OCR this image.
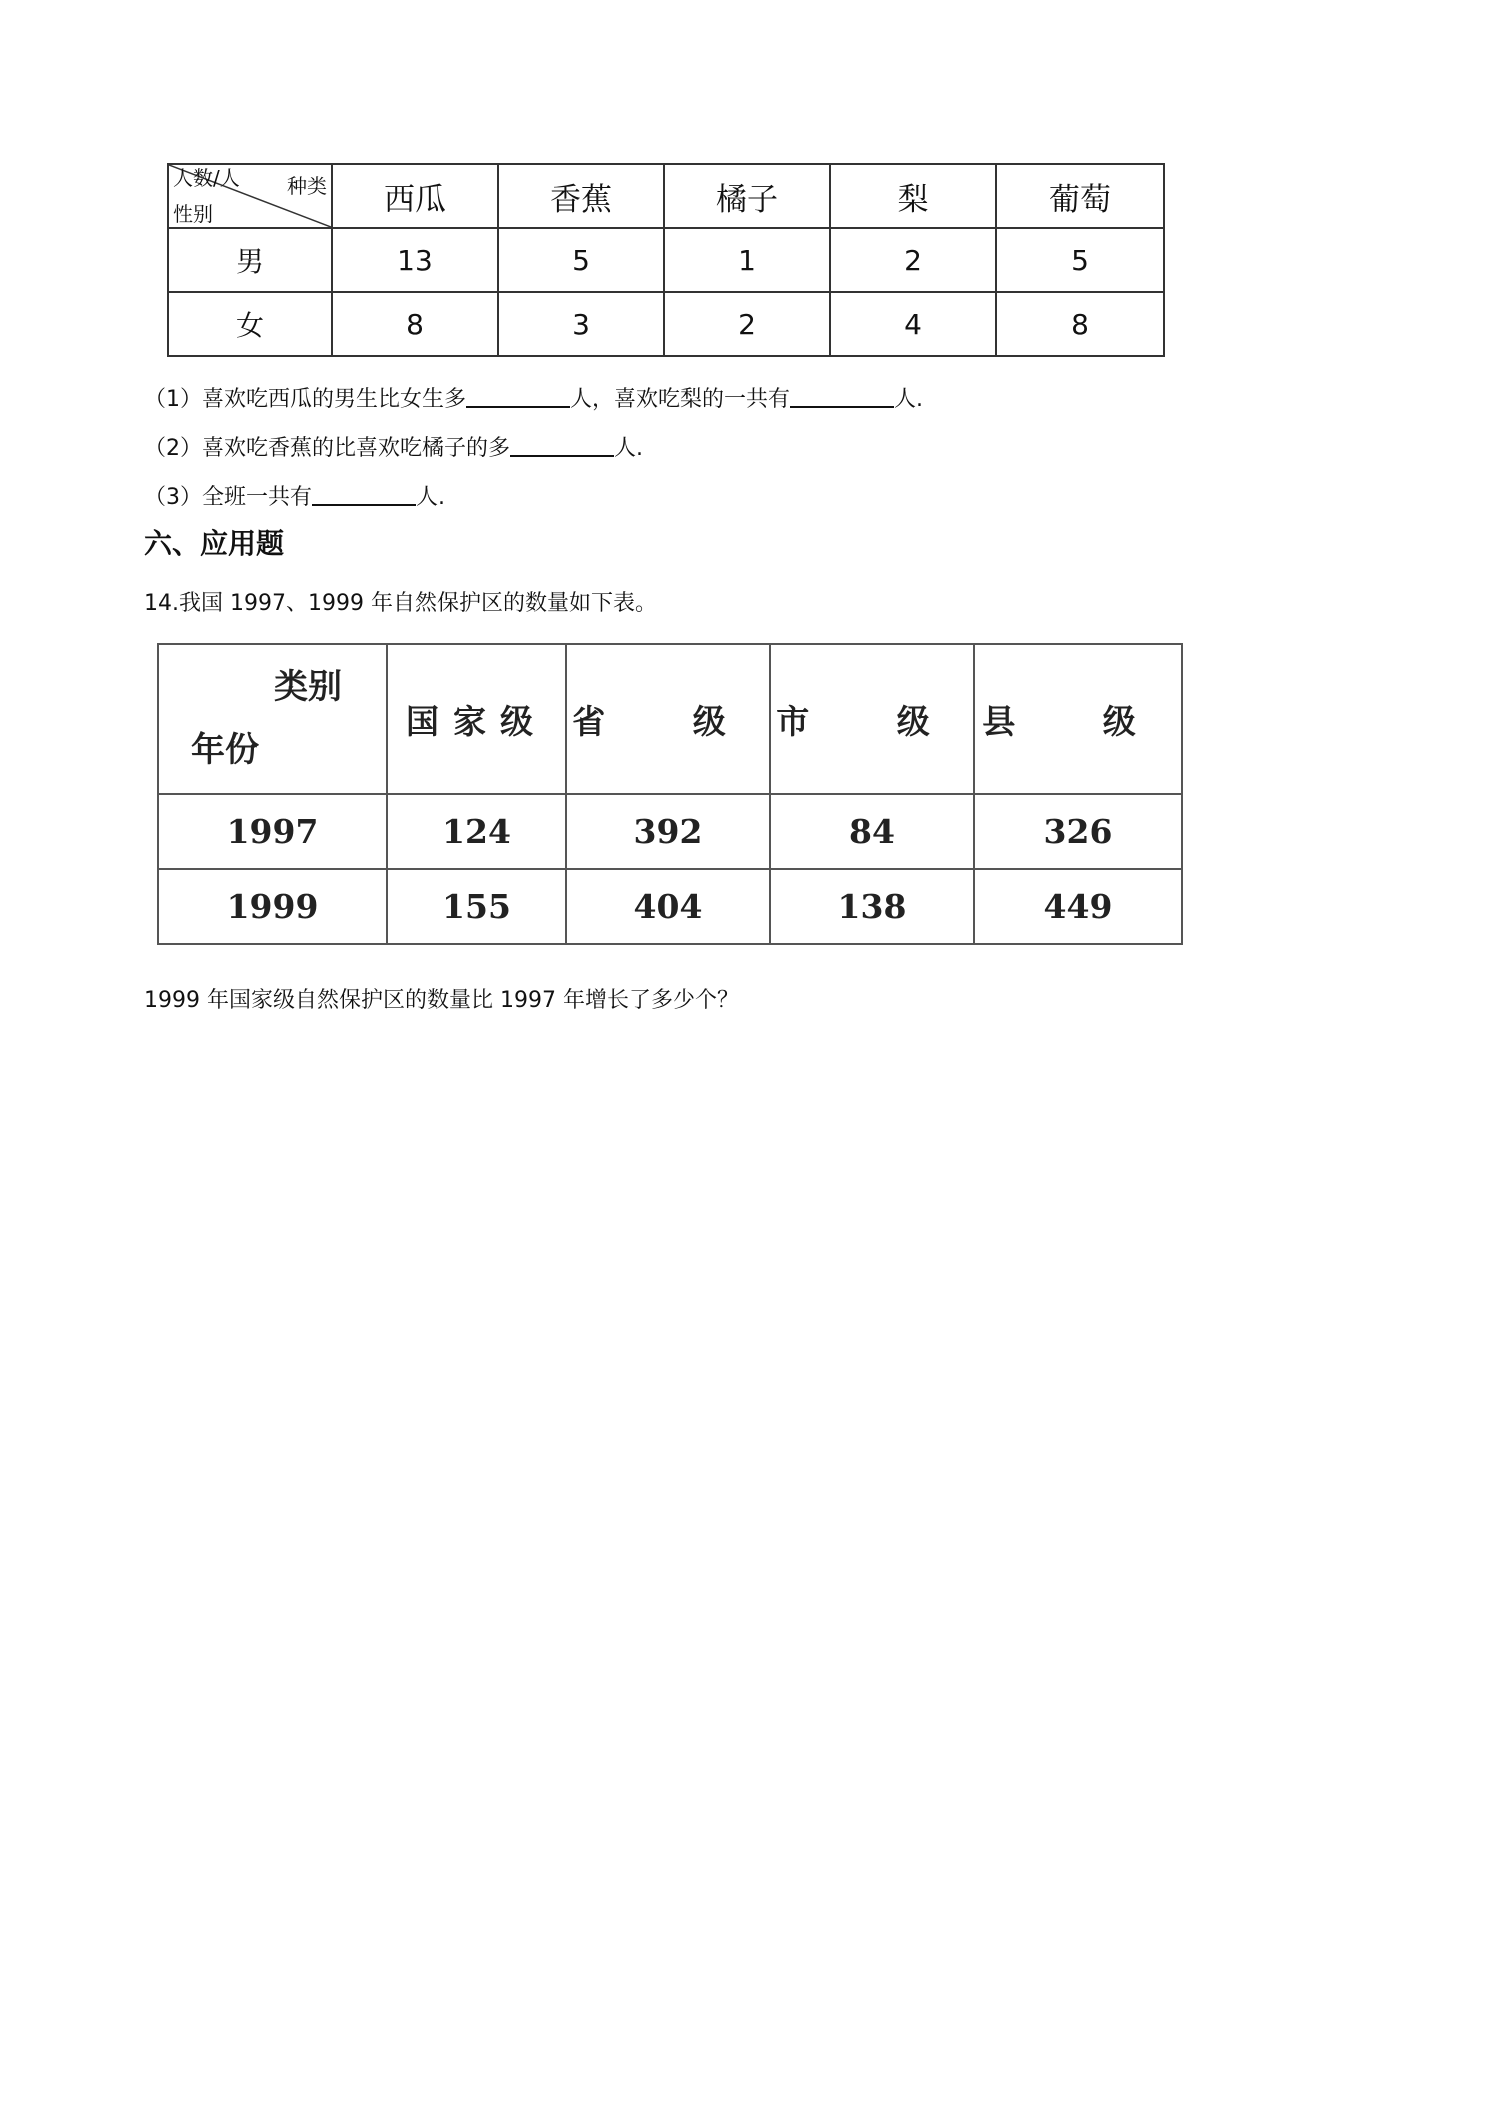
人数/人 种类
性别	西瓜	香蕉	橘子	梨	葡萄
男	13	5	1	2	5
女	8	3	2	4	8
（1）喜欢吃西瓜的男生比女生多	人，喜欢吃梨的一共有	人.
（2）喜欢吃香蕉的比喜欢吃橘子的多	人.
（3）全班一共有	人.
六、应用题
14.我国 1997、1999 年自然保护区的数量如下表。
类别
年份	国家级	省 级	市 级	县 级
1997	124	392	84	326
1999	155	404	138	449
1999 年国家级自然保护区的数量比 1997 年增长了多少个？
